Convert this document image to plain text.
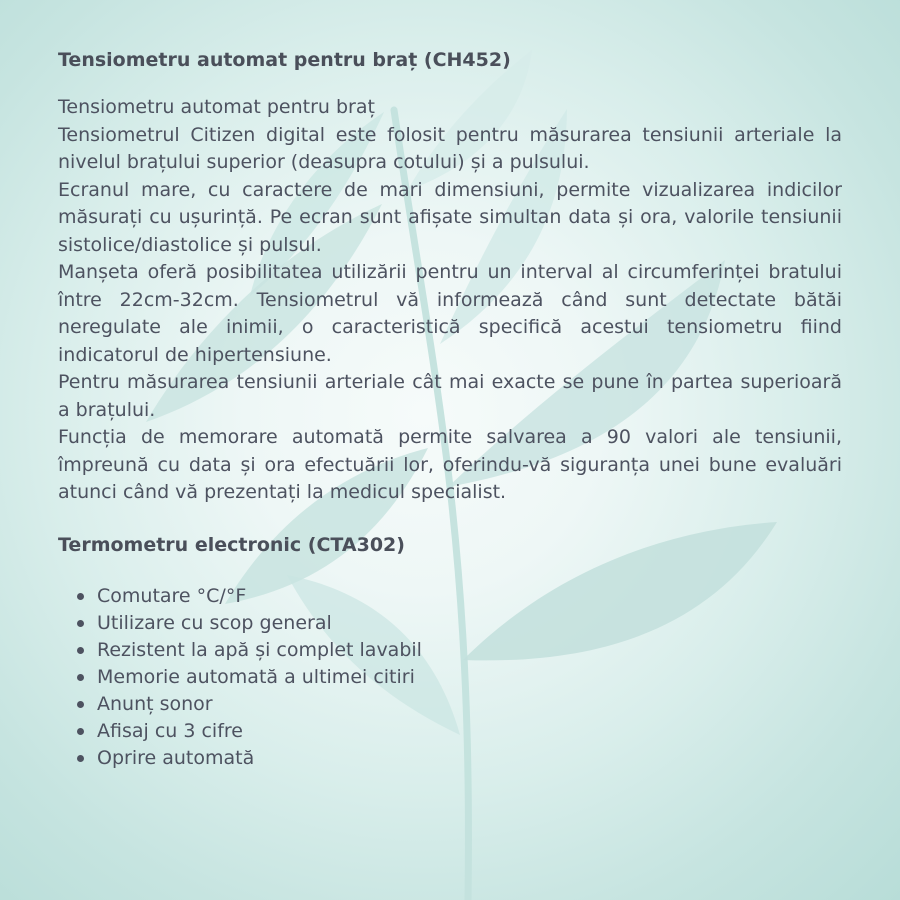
Tensiometru automat pentru braț (CH452)

Tensiometru automat pentru braț

Tensiometrul Citizen digital este folosit pentru măsurarea tensiunii arteriale la nivelul brațului superior (deasupra cotului) și a pulsului.

Ecranul mare, cu caractere de mari dimensiuni, permite vizualizarea indicilor măsurați cu ușurință. Pe ecran sunt afișate simultan data și ora, valorile tensiunii sistolice/diastolice și pulsul.

Manșeta oferă posibilitatea utilizării pentru un interval al circumferinței bratului între 22cm-32cm. Tensiometrul vă informează când sunt detectate bătăi neregulate ale inimii, o caracteristică specifică acestui tensiometru fiind indicatorul de hipertensiune.

Pentru măsurarea tensiunii arteriale cât mai exacte se pune în partea superioară a brațului.

Funcția de memorare automată permite salvarea a 90 valori ale tensiunii, împreună cu data și ora efectuării lor, oferindu-vă siguranța unei bune evaluări atunci când vă prezentați la medicul specialist.

Termometru electronic (CTA302)
Comutare °C/°F
Utilizare cu scop general
Rezistent la apă și complet lavabil
Memorie automată a ultimei citiri
Anunț sonor
Afisaj cu 3 cifre
Oprire automată
